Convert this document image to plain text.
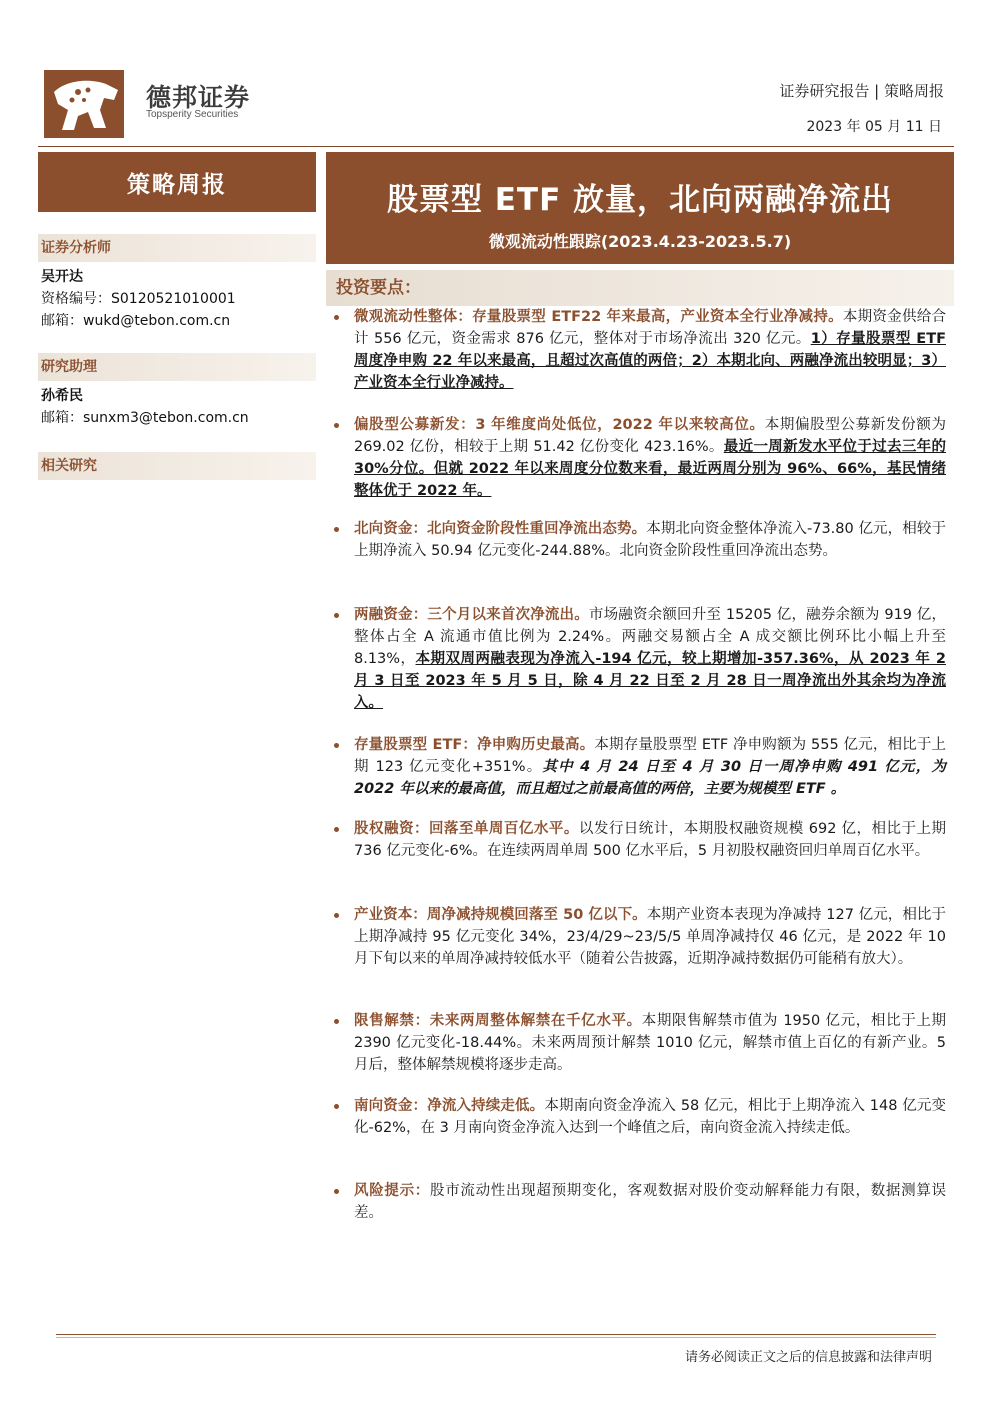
德邦证券
Topsperity Securities
证券研究报告 | 策略周报
2023 年 05 月 11 日
策略周报
证券分析师
吴开达
资格编号：S0120521010001
邮箱：wukd@tebon.com.cn
研究助理
孙希民
邮箱：sunxm3@tebon.com.cn
相关研究
股票型 ETF 放量，北向两融净流出
微观流动性跟踪(2023.4.23-2023.5.7)
投资要点：
微观流动性整体：存量股票型 ETF22 年来最高，产业资本全行业净减持。本期资金供给合计 556 亿元，资金需求 876 亿元，整体对于市场净流出 320 亿元。1）存量股票型 ETF 周度净申购 22 年以来最高，且超过次高值的两倍；2）本期北向、两融净流出较明显；3）产业资本全行业净减持。
偏股型公募新发：3 年维度尚处低位，2022 年以来较高位。本期偏股型公募新发份额为 269.02 亿份，相较于上期 51.42 亿份变化 423.16%。最近一周新发水平位于过去三年的 30%分位。但就 2022 年以来周度分位数来看，最近两周分别为 96%、66%，基民情绪整体优于 2022 年。
北向资金：北向资金阶段性重回净流出态势。本期北向资金整体净流入-73.80 亿元，相较于上期净流入 50.94 亿元变化-244.88%。北向资金阶段性重回净流出态势。
两融资金：三个月以来首次净流出。市场融资余额回升至 15205 亿，融券余额为 919 亿，整体占全 A 流通市值比例为 2.24%。两融交易额占全 A 成交额比例环比小幅上升至 8.13%，本期双周两融表现为净流入-194 亿元，较上期增加-357.36%，从 2023 年 2 月 3 日至 2023 年 5 月 5 日，除 4 月 22 日至 2 月 28 日一周净流出外其余均为净流入。
存量股票型 ETF：净申购历史最高。本期存量股票型 ETF 净申购额为 555 亿元，相比于上期 123 亿元变化+351%。其中 4 月 24 日至 4 月 30 日一周净申购 491 亿元，为 2022 年以来的最高值，而且超过之前最高值的两倍，主要为规模型 ETF 。
股权融资：回落至单周百亿水平。以发行日统计，本期股权融资规模 692 亿，相比于上期 736 亿元变化-6%。在连续两周单周 500 亿水平后，5 月初股权融资回归单周百亿水平。
产业资本：周净减持规模回落至 50 亿以下。本期产业资本表现为净减持 127 亿元，相比于上期净减持 95 亿元变化 34%，23/4/29~23/5/5 单周净减持仅 46 亿元，是 2022 年 10 月下旬以来的单周净减持较低水平（随着公告披露，近期净减持数据仍可能稍有放大）。
限售解禁：未来两周整体解禁在千亿水平。本期限售解禁市值为 1950 亿元，相比于上期 2390 亿元变化-18.44%。未来两周预计解禁 1010 亿元，解禁市值上百亿的有新产业。5 月后，整体解禁规模将逐步走高。
南向资金：净流入持续走低。本期南向资金净流入 58 亿元，相比于上期净流入 148 亿元变化-62%，在 3 月南向资金净流入达到一个峰值之后，南向资金流入持续走低。
风险提示：股市流动性出现超预期变化，客观数据对股价变动解释能力有限，数据测算误差。
请务必阅读正文之后的信息披露和法律声明
